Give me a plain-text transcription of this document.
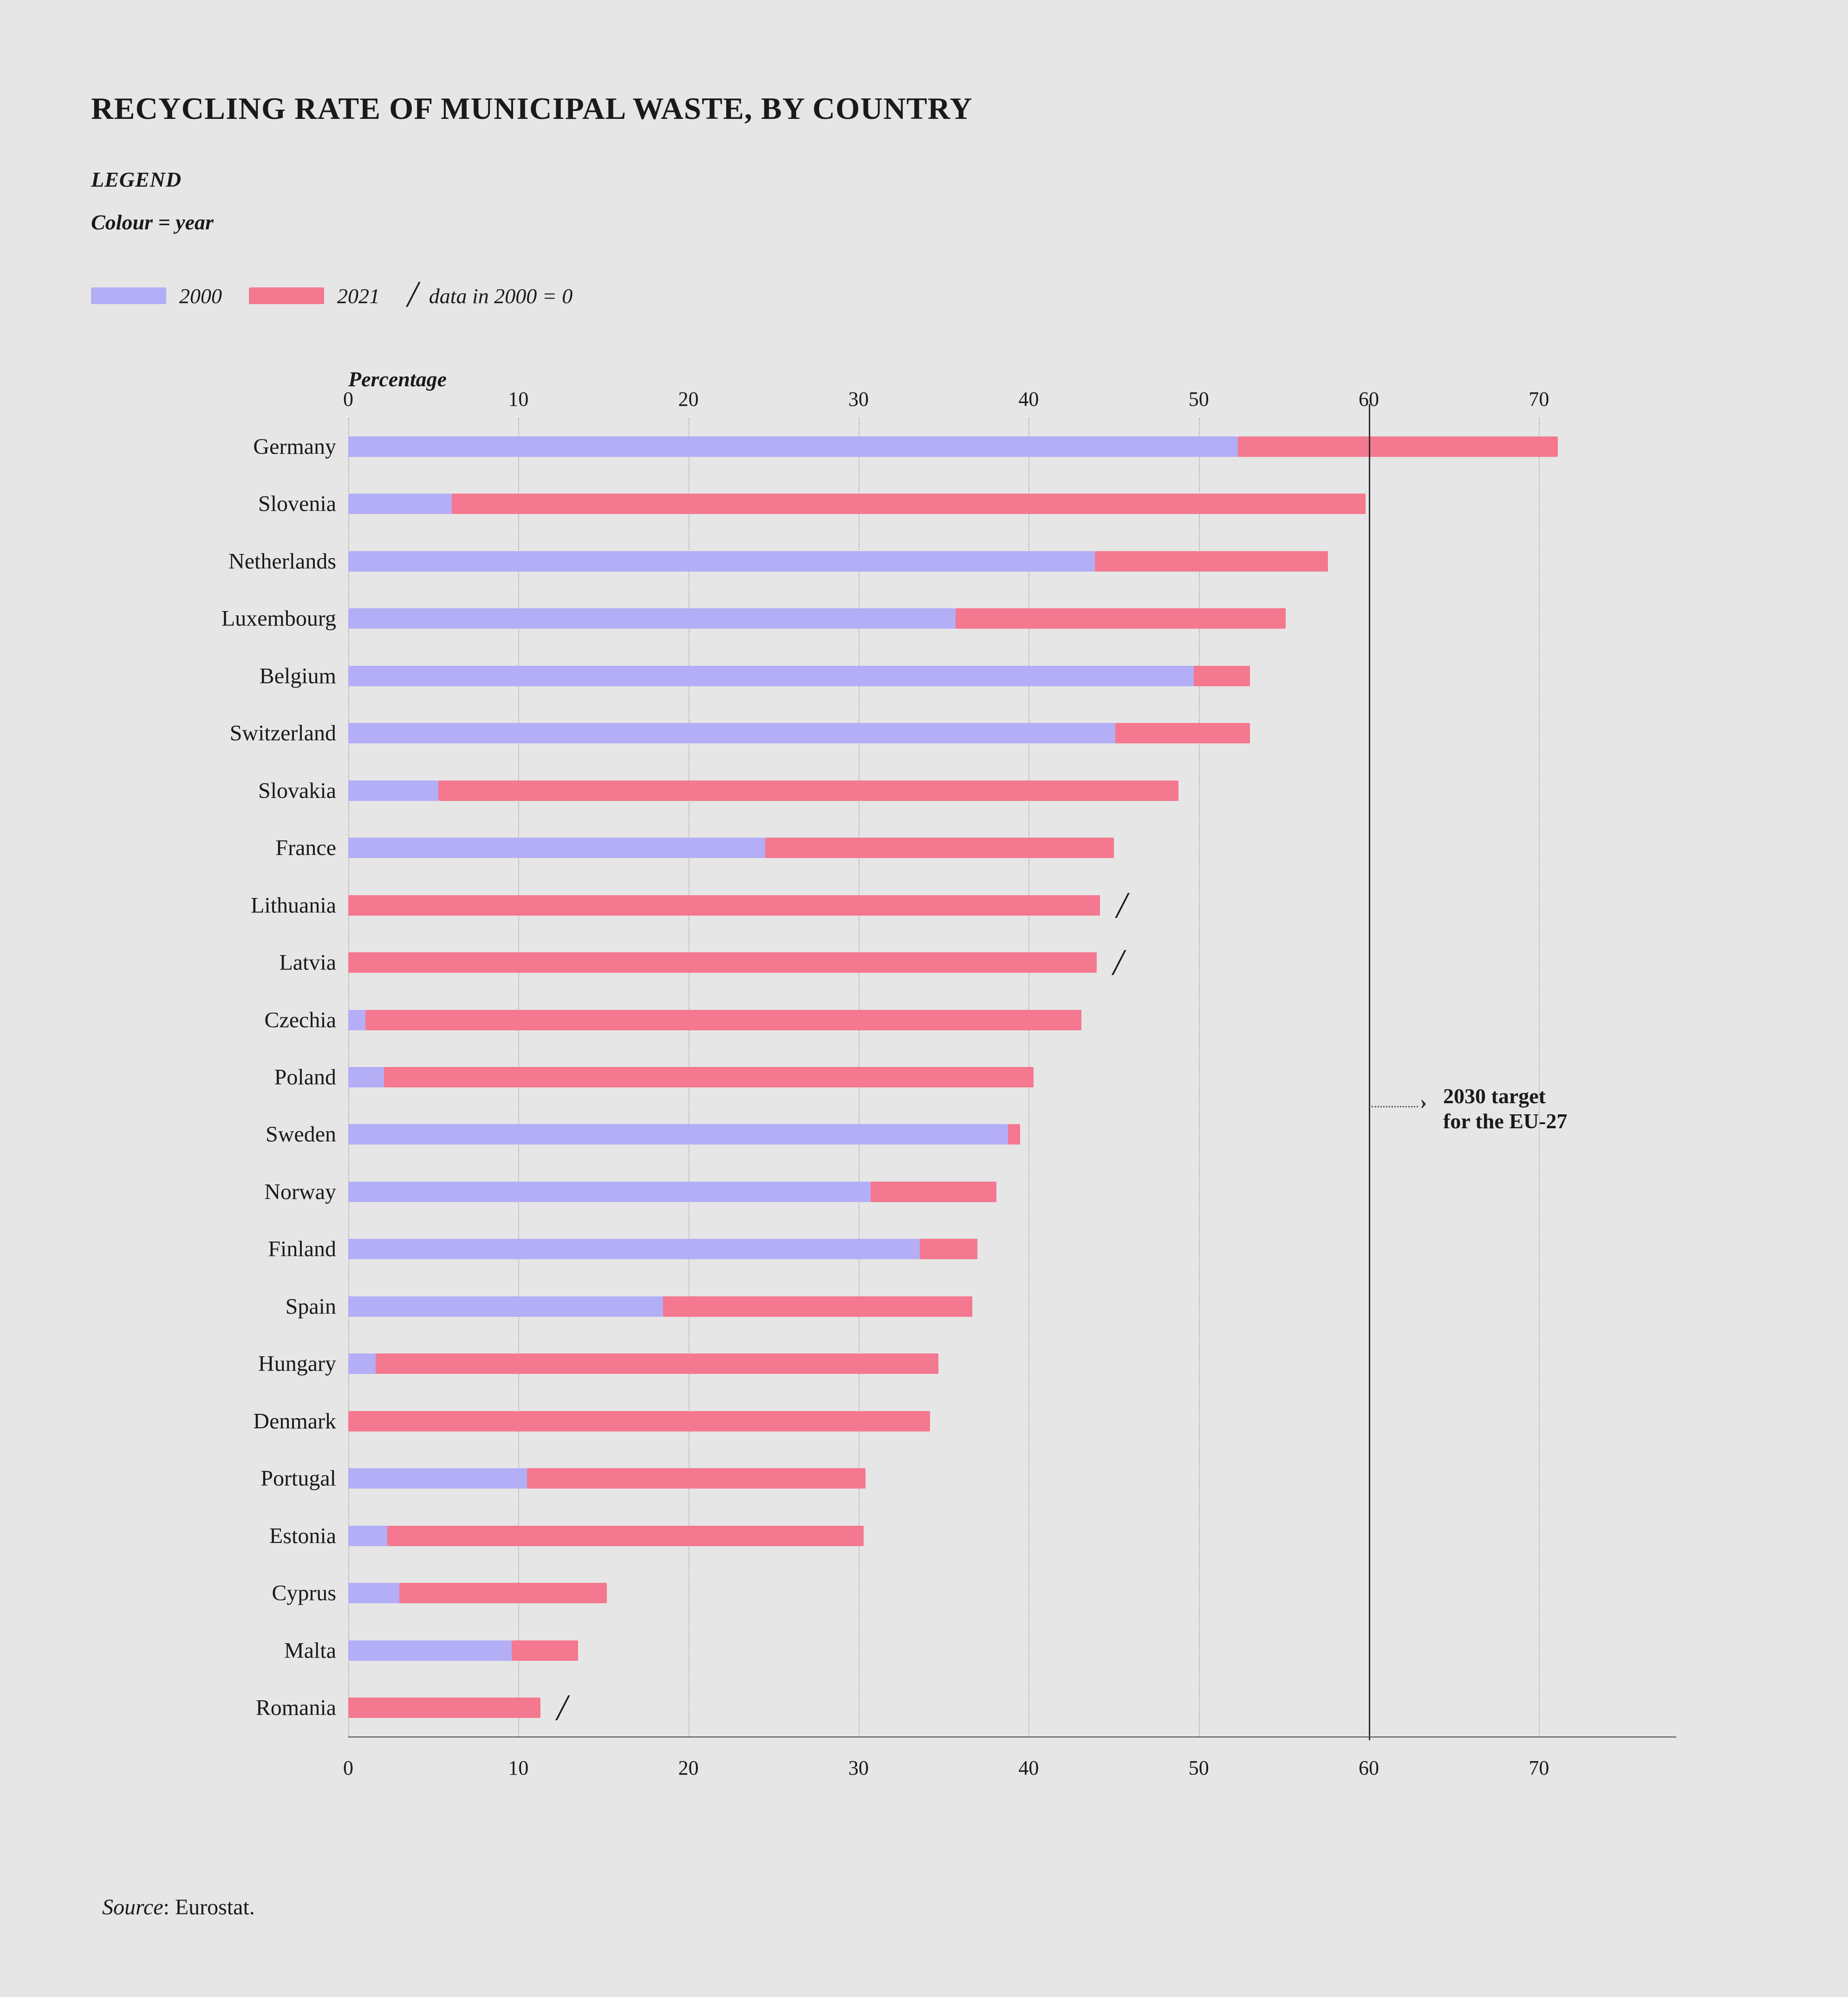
RECYCLING RATE OF MUNICIPAL WASTE, BY COUNTRY
LEGEND
Colour = year
2000	2021 ╱ data in 2000 = 0
Percentage
Germany
Slovenia
Netherlands
Luxembourg
Belgium
Switzerland
Slovakia
France
Lithuania	╱
Latvia	╱
Czechia
Poland
Sweden
Norway
Finland
Spain
Hungary
Denmark
Portugal
Estonia
Cyprus
Malta
Romania	╱
› 2030 target
for the EU-27
0
0
10
10
20
20
30
30
40
40
50
50
60
60
70
70
Source: Eurostat.
